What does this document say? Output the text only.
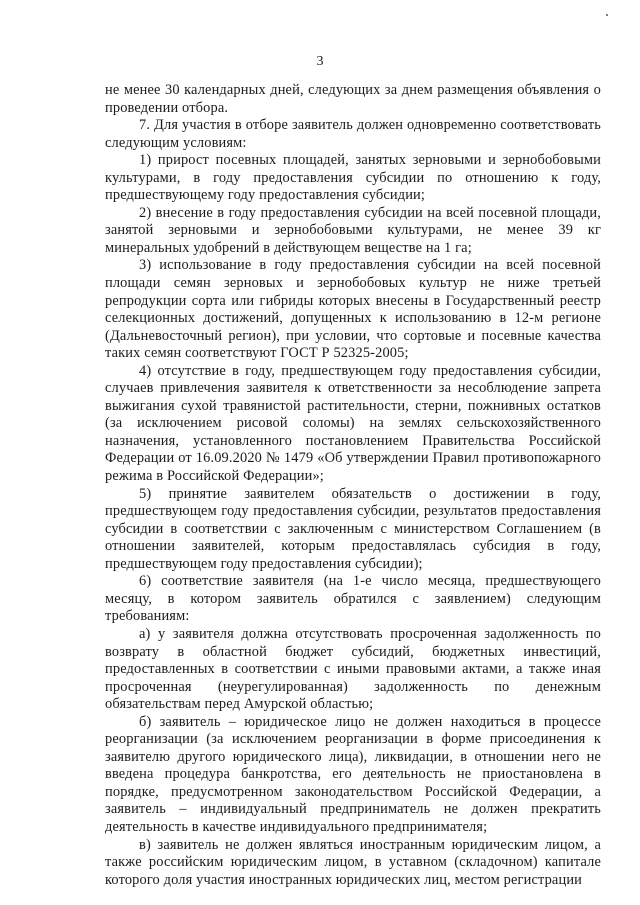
3

не менее 30 календарных дней, следующих за днем размещения объявления о проведении отбора.

7. Для участия в отборе заявитель должен одновременно соответствовать следующим условиям:

1) прирост посевных площадей, занятых зерновыми и зернобобовыми культурами, в году предоставления субсидии по отношению к году, предшествующему году предоставления субсидии;

2) внесение в году предоставления субсидии на всей посевной площади, занятой зерновыми и зернобобовыми культурами, не менее 39 кг минеральных удобрений в действующем веществе на 1 га;

3) использование в году предоставления субсидии на всей посевной площади семян зерновых и зернобобовых культур не ниже третьей репродукции сорта или гибриды которых внесены в Государственный реестр селекционных достижений, допущенных к использованию в 12-м регионе (Дальневосточный регион), при условии, что сортовые и посевные качества таких семян соответствуют ГОСТ Р 52325-2005;

4) отсутствие в году, предшествующем году предоставления субсидии, случаев привлечения заявителя к ответственности за несоблюдение запрета выжигания сухой травянистой растительности, стерни, пожнивных остатков (за исключением рисовой соломы) на землях сельскохозяйственного назначения, установленного постановлением Правительства Российской Федерации от 16.09.2020 № 1479 «Об утверждении Правил противопожарного режима в Российской Федерации»;

5) принятие заявителем обязательств о достижении в году, предшествующем году предоставления субсидии, результатов предоставления субсидии в соответствии с заключенным с министерством Соглашением (в отношении заявителей, которым предоставлялась субсидия в году, предшествующем году предоставления субсидии);

6) соответствие заявителя (на 1-е число месяца, предшествующего месяцу, в котором заявитель обратился с заявлением) следующим требованиям:

а) у заявителя должна отсутствовать просроченная задолженность по возврату в областной бюджет субсидий, бюджетных инвестиций, предоставленных в соответствии с иными правовыми актами, а также иная просроченная (неурегулированная) задолженность по денежным обязательствам перед Амурской областью;

б) заявитель – юридическое лицо не должен находиться в процессе реорганизации (за исключением реорганизации в форме присоединения к заявителю другого юридического лица), ликвидации, в отношении него не введена процедура банкротства, его деятельность не приостановлена в порядке, предусмотренном законодательством Российской Федерации, а заявитель – индивидуальный предприниматель не должен прекратить деятельность в качестве индивидуального предпринимателя;

в) заявитель не должен являться иностранным юридическим лицом, а также российским юридическим лицом, в уставном (складочном) капитале которого доля участия иностранных юридических лиц, местом регистрации
